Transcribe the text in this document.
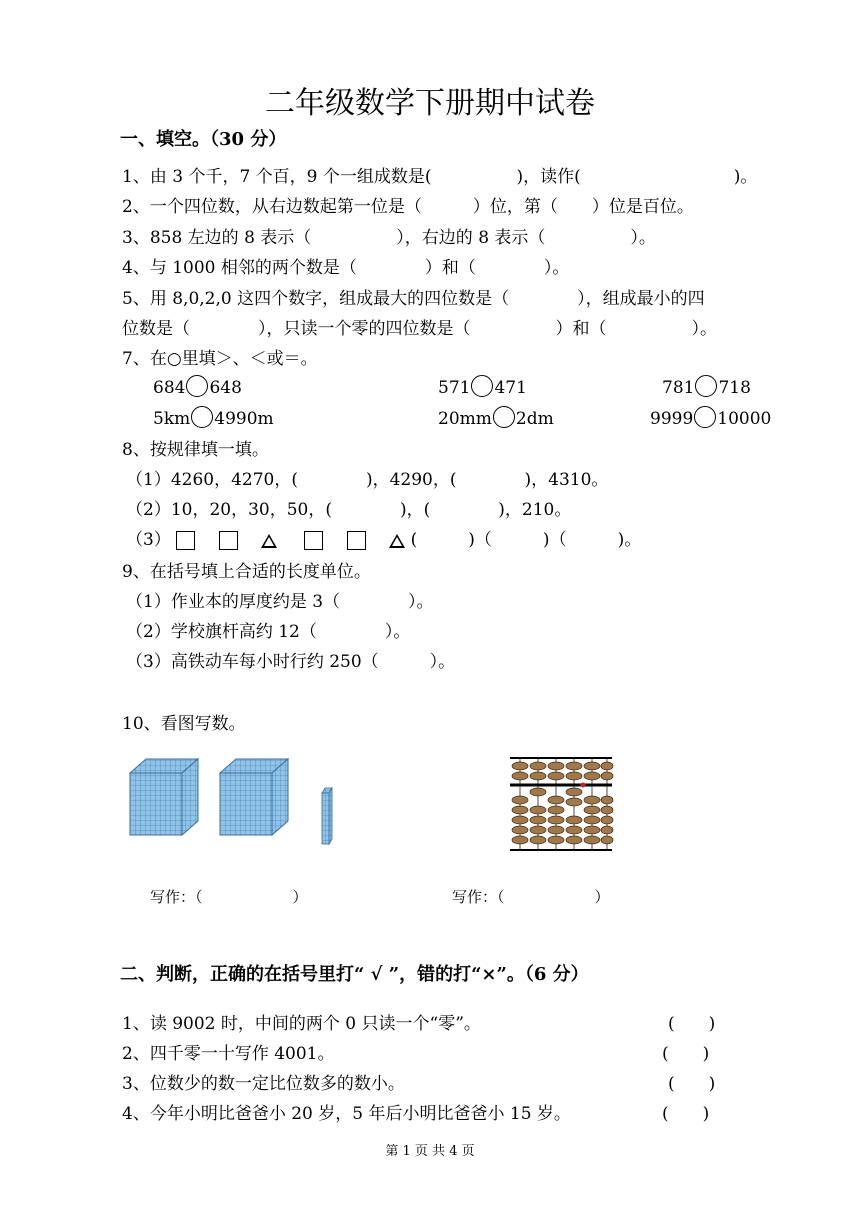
二年级数学下册期中试卷
一、填空。（30 分）
1、由 3 个千，7 个百，9 个一组成数是(　　　　　)，读作(　　　　　　　　　)。
2、一个四位数，从右边数起第一位是（　　　）位，第（　　）位是百位。
3、858 左边的 8 表示（　　　　　），右边的 8 表示（　　　　　）。
4、与 1000 相邻的两个数是（　　　　）和（　　　　）。
5、用 8,0,2,0 这四个数字，组成最大的四位数是（　　　　），组成最小的四
位数是（　　　　），只读一个零的四位数是（　　　　　）和（　　　　　）。
7、在○里填＞、＜或＝。
684 648	571 471	781 718
5km 4990m	20mm 2dm	9999 10000
8、按规律填一填。
（1）4260，4270，(　　　　)，4290，(　　　　)，4310。
（2）10，20，30，50，(　　　　)，(　　　　)，210。
（3）	(　　　)（　　　)（　　　)。
9、在括号填上合适的长度单位。
（1）作业本的厚度约是 3（　　　　）。
（2）学校旗杆高约 12（　　　　）。
（3）高铁动车每小时行约 250（　　　）。
10、看图写数。
写作：（　　　　　　）	写作：（　　　　　　）
二、判断，正确的在括号里打“ √ ”，错的打“×”。（6 分）
1、读 9002 时，中间的两个 0 只读一个“零”。	(　　)
2、四千零一十写作 4001。	(　　)
3、位数少的数一定比位数多的数小。	(　　)
4、今年小明比爸爸小 20 岁，5 年后小明比爸爸小 15 岁。	(　　)
第 1 页 共 4 页
